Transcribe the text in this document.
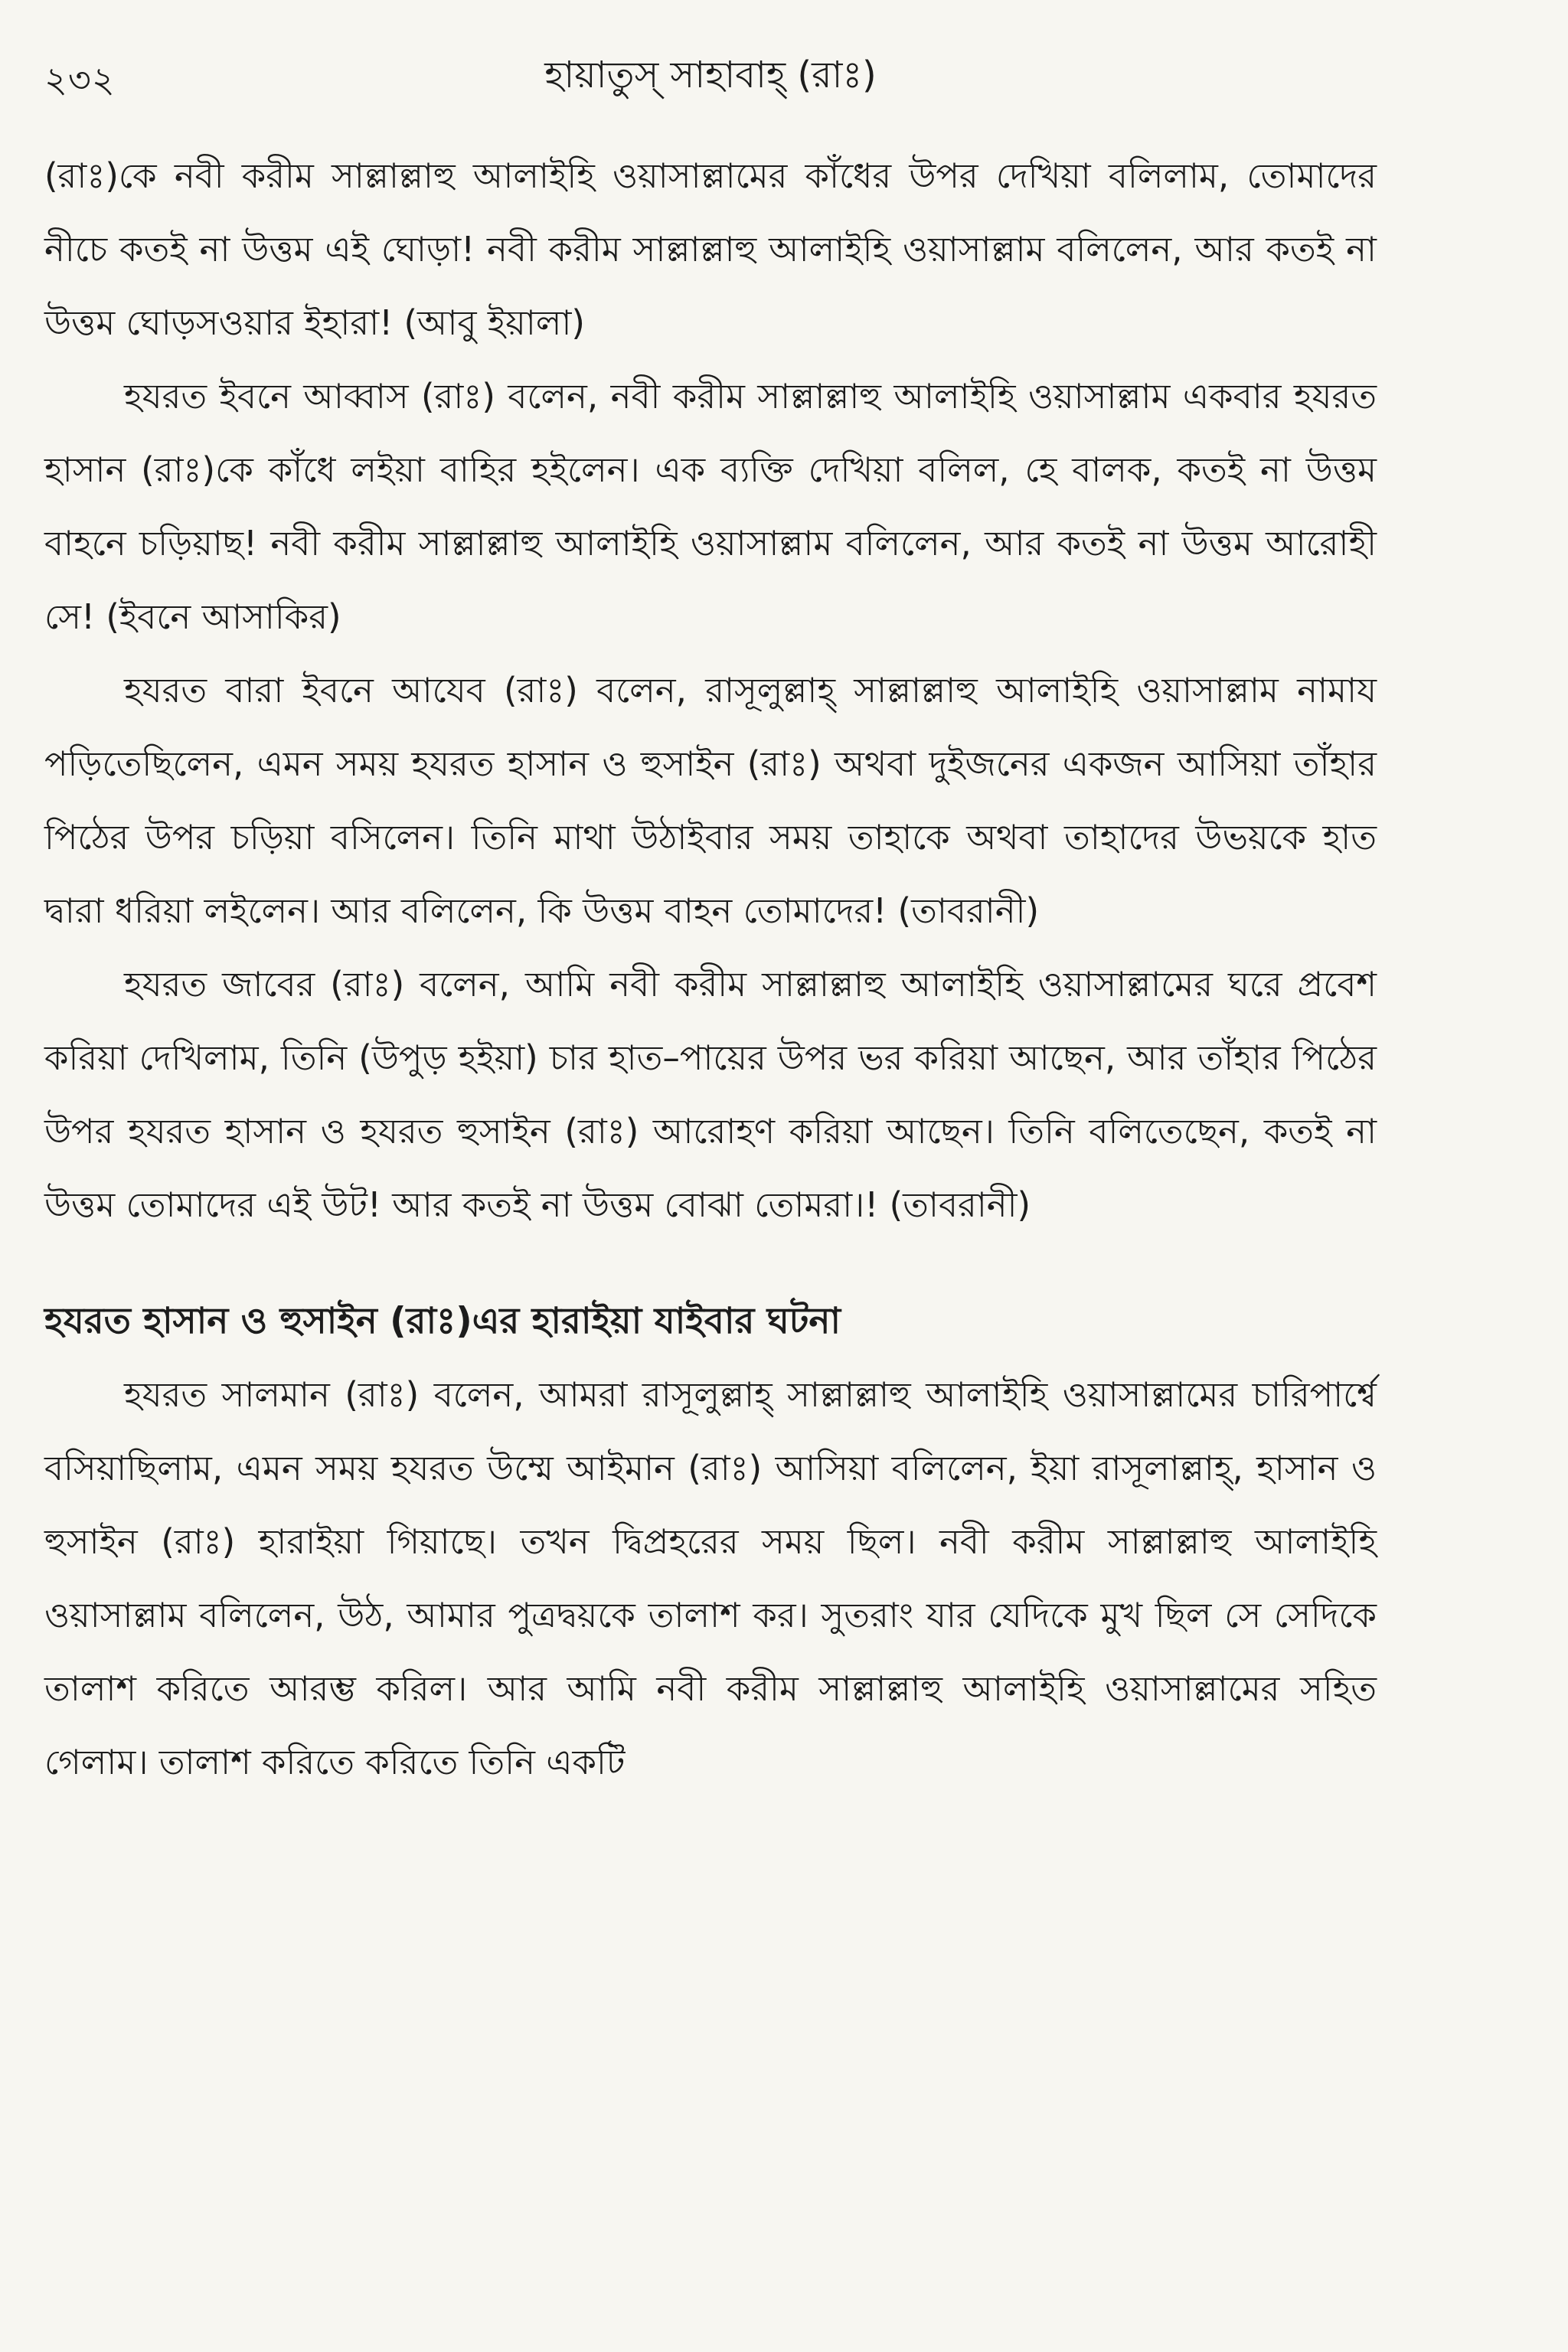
২৩২	হায়াতুস্ সাহাবাহ্ (রাঃ)

(রাঃ)কে নবী করীম সাল্লাল্লাহু আলাইহি ওয়াসাল্লামের কাঁধের উপর দেখিয়া বলিলাম, তোমাদের নীচে কতই না উত্তম এই ঘোড়া! নবী করীম সাল্লাল্লাহু আলাইহি ওয়াসাল্লাম বলিলেন, আর কতই না উত্তম ঘোড়সওয়ার ইহারা! (আবু ইয়ালা)

হযরত ইবনে আব্বাস (রাঃ) বলেন, নবী করীম সাল্লাল্লাহু আলাইহি ওয়াসাল্লাম একবার হযরত হাসান (রাঃ)কে কাঁধে লইয়া বাহির হইলেন। এক ব্যক্তি দেখিয়া বলিল, হে বালক, কতই না উত্তম বাহনে চড়িয়াছ! নবী করীম সাল্লাল্লাহু আলাইহি ওয়াসাল্লাম বলিলেন, আর কতই না উত্তম আরোহী সে! (ইবনে আসাকির)

হযরত বারা ইবনে আযেব (রাঃ) বলেন, রাসূলুল্লাহ্ সাল্লাল্লাহু আলাইহি ওয়াসাল্লাম নামায পড়িতেছিলেন, এমন সময় হযরত হাসান ও হুসাইন (রাঃ) অথবা দুইজনের একজন আসিয়া তাঁহার পিঠের উপর চড়িয়া বসিলেন। তিনি মাথা উঠাইবার সময় তাহাকে অথবা তাহাদের উভয়কে হাত দ্বারা ধরিয়া লইলেন। আর বলিলেন, কি উত্তম বাহন তোমাদের! (তাবরানী)

হযরত জাবের (রাঃ) বলেন, আমি নবী করীম সাল্লাল্লাহু আলাইহি ওয়াসাল্লামের ঘরে প্রবেশ করিয়া দেখিলাম, তিনি (উপুড় হইয়া) চার হাত–পায়ের উপর ভর করিয়া আছেন, আর তাঁহার পিঠের উপর হযরত হাসান ও হযরত হুসাইন (রাঃ) আরোহণ করিয়া আছেন। তিনি বলিতেছেন, কতই না উত্তম তোমাদের এই উট! আর কতই না উত্তম বোঝা তোমরা।! (তাবরানী)

হযরত হাসান ও হুসাইন (রাঃ)এর হারাইয়া যাইবার ঘটনা

হযরত সালমান (রাঃ) বলেন, আমরা রাসূলুল্লাহ্ সাল্লাল্লাহু আলাইহি ওয়াসাল্লামের চারিপার্শ্বে বসিয়াছিলাম, এমন সময় হযরত উম্মে আইমান (রাঃ) আসিয়া বলিলেন, ইয়া রাসূলাল্লাহ্, হাসান ও হুসাইন (রাঃ) হারাইয়া গিয়াছে। তখন দ্বিপ্রহরের সময় ছিল। নবী করীম সাল্লাল্লাহু আলাইহি ওয়াসাল্লাম বলিলেন, উঠ, আমার পুত্রদ্বয়কে তালাশ কর। সুতরাং যার যেদিকে মুখ ছিল সে সেদিকে তালাশ করিতে আরম্ভ করিল। আর আমি নবী করীম সাল্লাল্লাহু আলাইহি ওয়াসাল্লামের সহিত গেলাম। তালাশ করিতে করিতে তিনি একটি
